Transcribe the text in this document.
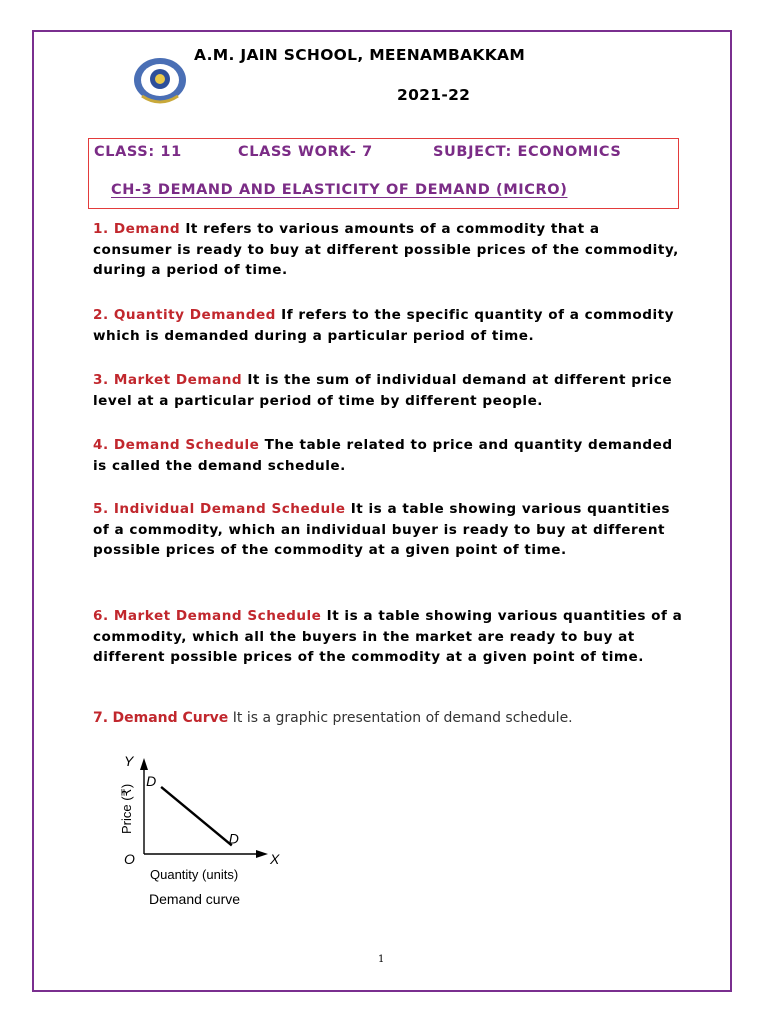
A.M. JAIN SCHOOL, MEENAMBAKKAM
2021-22
CLASS: 11	CLASS WORK- 7	SUBJECT: ECONOMICS
CH-3 DEMAND AND ELASTICITY OF DEMAND (MICRO)
1. Demand It refers to various amounts of a commodity that a consumer is ready to buy at different possible prices of the commodity, during a period of time.
2. Quantity Demanded If refers to the specific quantity of a commodity which is demanded during a particular period of time.
3. Market Demand It is the sum of individual demand at different price level at a particular period of time by different people.
4. Demand Schedule The table related to price and quantity demanded is called the demand schedule.
5. Individual Demand Schedule It is a table showing various quantities of a commodity, which an individual buyer is ready to buy at different possible prices of the commodity at a given point of time.
6. Market Demand Schedule It is a table showing various quantities of a commodity, which all the buyers in the market are ready to buy at different possible prices of the commodity at a given point of time.
7. Demand Curve It is a graphic presentation of demand schedule.
D
D
Y
X
O
Price (₹)
Quantity (units)
Demand curve
1
